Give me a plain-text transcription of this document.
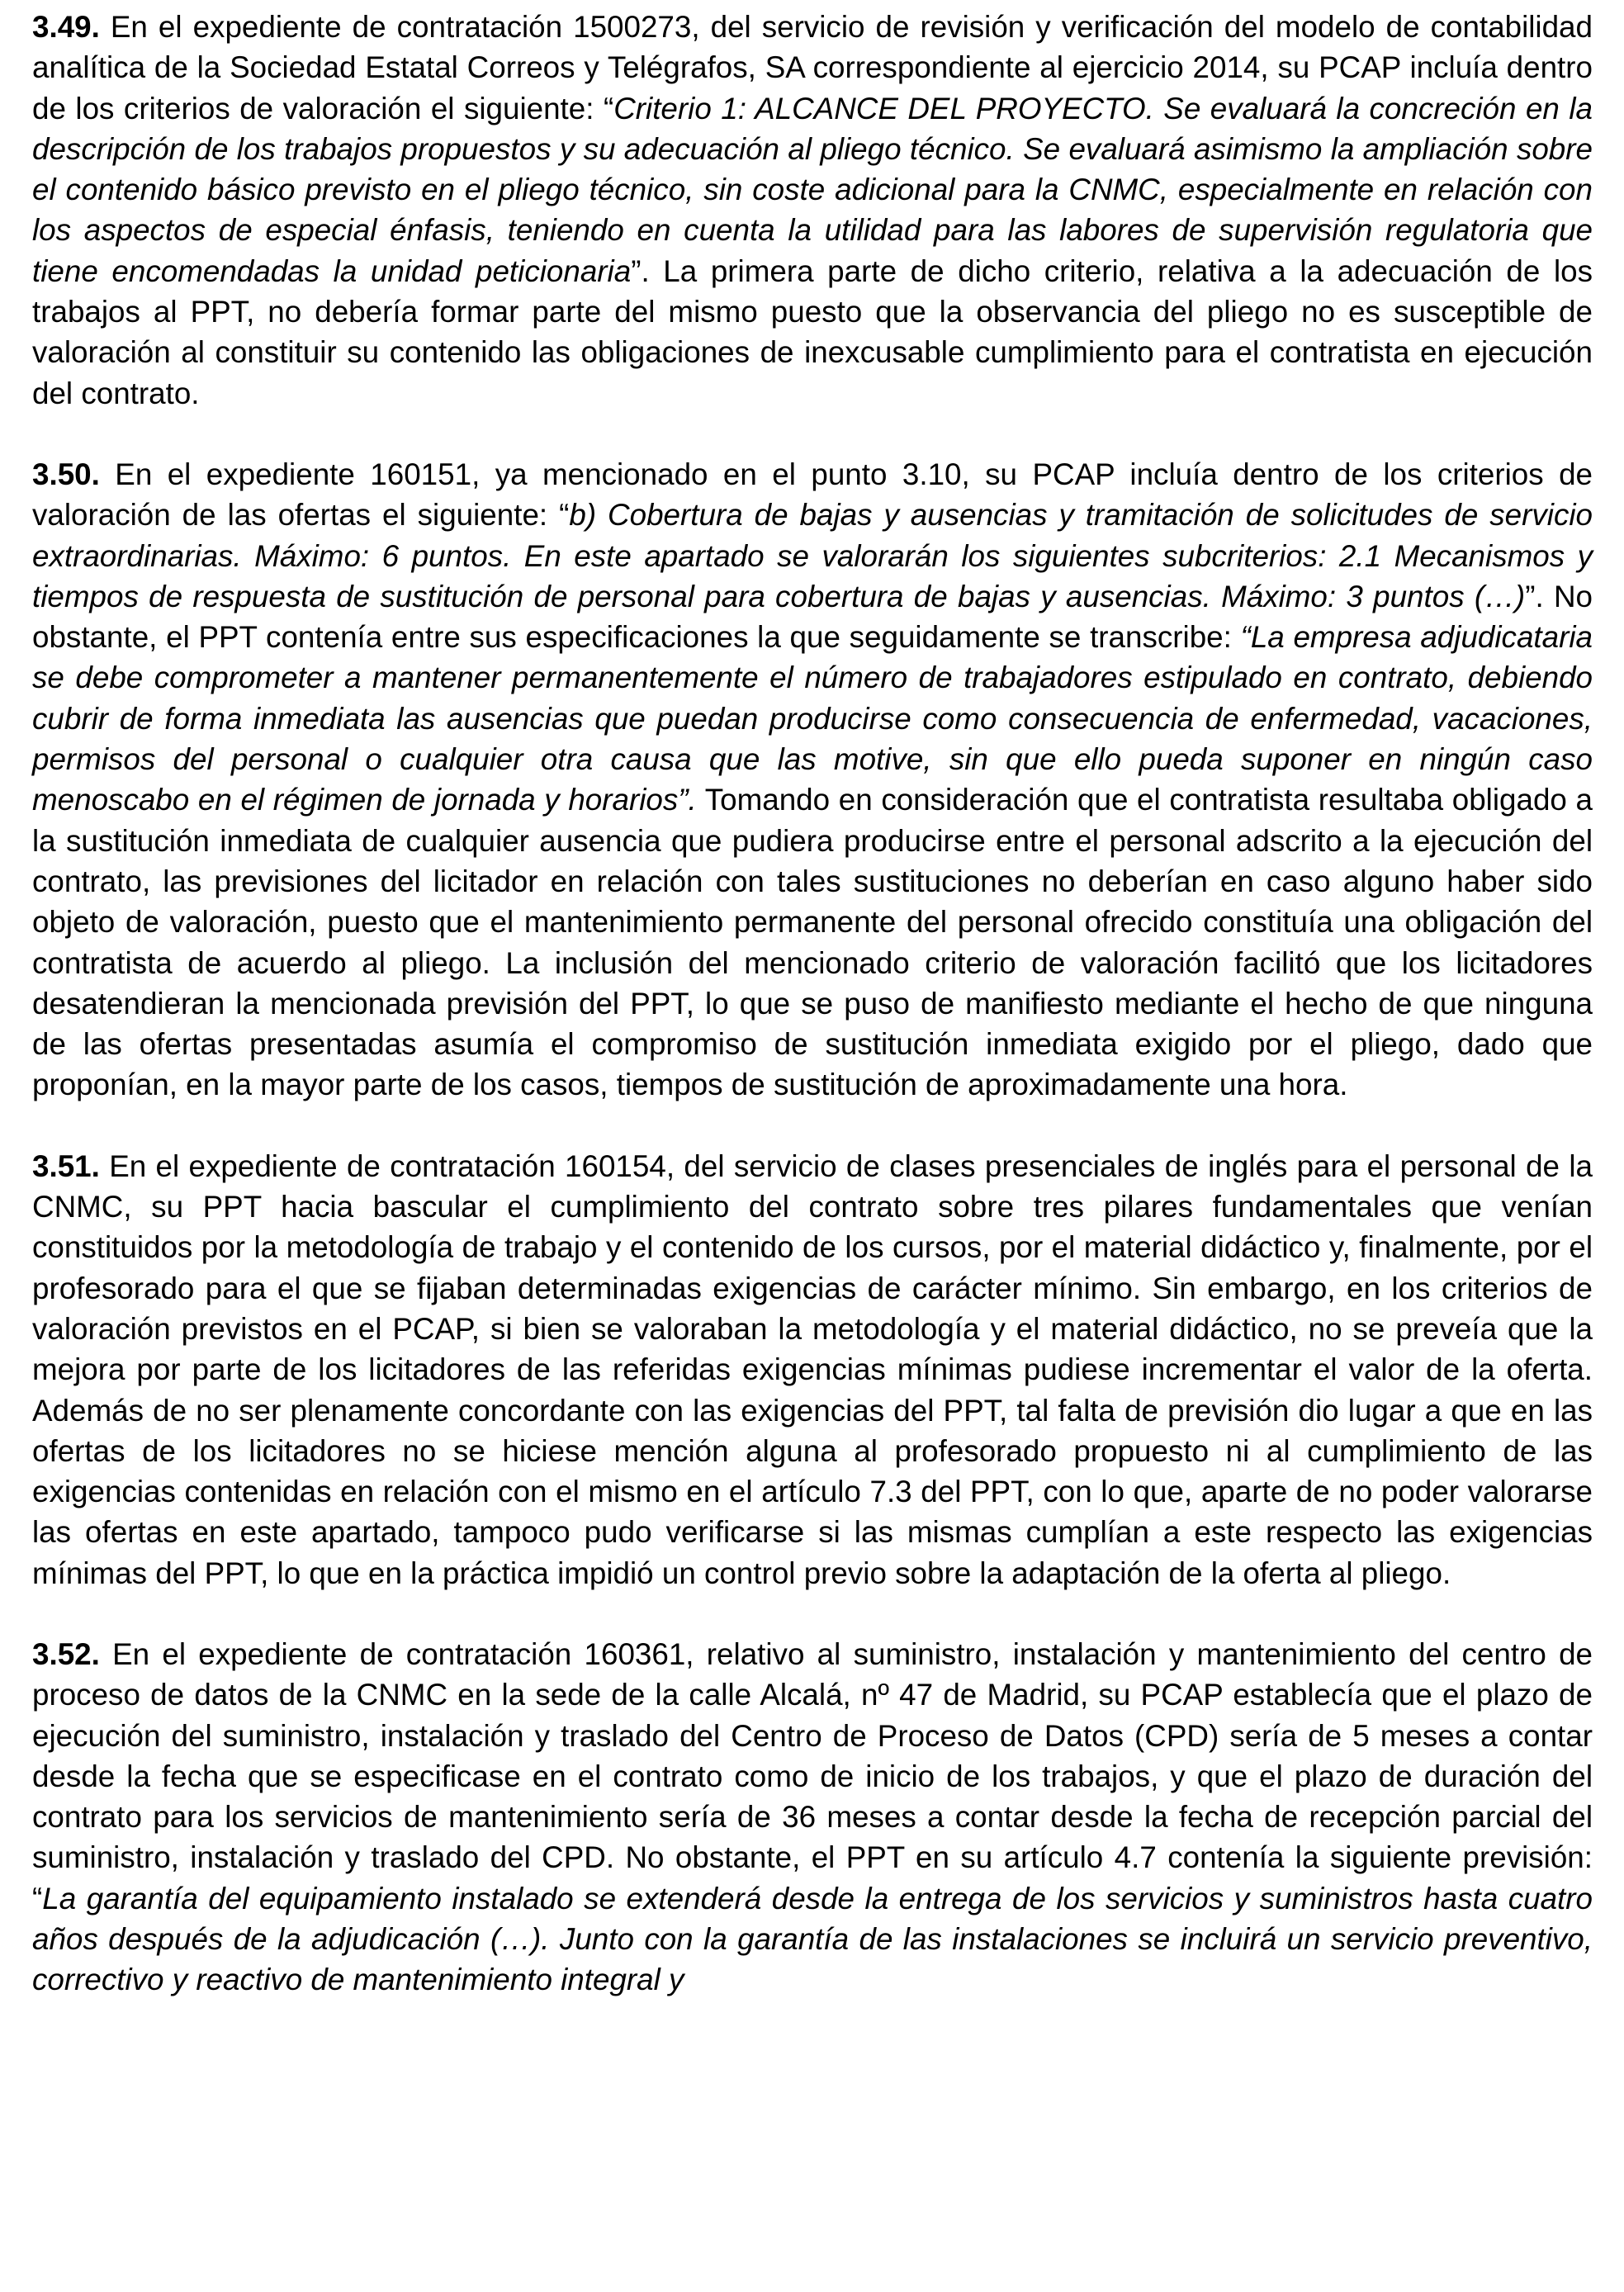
3.49. En el expediente de contratación 1500273, del servicio de revisión y verificación del modelo de contabilidad analítica de la Sociedad Estatal Correos y Telégrafos, SA correspondiente al ejercicio 2014, su PCAP incluía dentro de los criterios de valoración el siguiente: “Criterio 1: ALCANCE DEL PROYECTO. Se evaluará la concreción en la descripción de los trabajos propuestos y su adecuación al pliego técnico. Se evaluará asimismo la ampliación sobre el contenido básico previsto en el pliego técnico, sin coste adicional para la CNMC, especialmente en relación con los aspectos de especial énfasis, teniendo en cuenta la utilidad para las labores de supervisión regulatoria que tiene encomendadas la unidad peticionaria”. La primera parte de dicho criterio, relativa a la adecuación de los trabajos al PPT, no debería formar parte del mismo puesto que la observancia del pliego no es susceptible de valoración al constituir su contenido las obligaciones de inexcusable cumplimiento para el contratista en ejecución del contrato.

3.50. En el expediente 160151, ya mencionado en el punto 3.10, su PCAP incluía dentro de los criterios de valoración de las ofertas el siguiente: “b) Cobertura de bajas y ausencias y tramitación de solicitudes de servicio extraordinarias. Máximo: 6 puntos. En este apartado se valorarán los siguientes subcriterios: 2.1 Mecanismos y tiempos de respuesta de sustitución de personal para cobertura de bajas y ausencias. Máximo: 3 puntos (…)”. No obstante, el PPT contenía entre sus especificaciones la que seguidamente se transcribe: “La empresa adjudicataria se debe comprometer a mantener permanentemente el número de trabajadores estipulado en contrato, debiendo cubrir de forma inmediata las ausencias que puedan producirse como consecuencia de enfermedad, vacaciones, permisos del personal o cualquier otra causa que las motive, sin que ello pueda suponer en ningún caso menoscabo en el régimen de jornada y horarios”. Tomando en consideración que el contratista resultaba obligado a la sustitución inmediata de cualquier ausencia que pudiera producirse entre el personal adscrito a la ejecución del contrato, las previsiones del licitador en relación con tales sustituciones no deberían en caso alguno haber sido objeto de valoración, puesto que el mantenimiento permanente del personal ofrecido constituía una obligación del contratista de acuerdo al pliego. La inclusión del mencionado criterio de valoración facilitó que los licitadores desatendieran la mencionada previsión del PPT, lo que se puso de manifiesto mediante el hecho de que ninguna de las ofertas presentadas asumía el compromiso de sustitución inmediata exigido por el pliego, dado que proponían, en la mayor parte de los casos, tiempos de sustitución de aproximadamente una hora.

3.51. En el expediente de contratación 160154, del servicio de clases presenciales de inglés para el personal de la CNMC, su PPT hacia bascular el cumplimiento del contrato sobre tres pilares fundamentales que venían constituidos por la metodología de trabajo y el contenido de los cursos, por el material didáctico y, finalmente, por el profesorado para el que se fijaban determinadas exigencias de carácter mínimo. Sin embargo, en los criterios de valoración previstos en el PCAP, si bien se valoraban la metodología y el material didáctico, no se preveía que la mejora por parte de los licitadores de las referidas exigencias mínimas pudiese incrementar el valor de la oferta. Además de no ser plenamente concordante con las exigencias del PPT, tal falta de previsión dio lugar a que en las ofertas de los licitadores no se hiciese mención alguna al profesorado propuesto ni al cumplimiento de las exigencias contenidas en relación con el mismo en el artículo 7.3 del PPT, con lo que, aparte de no poder valorarse las ofertas en este apartado, tampoco pudo verificarse si las mismas cumplían a este respecto las exigencias mínimas del PPT, lo que en la práctica impidió un control previo sobre la adaptación de la oferta al pliego.

3.52. En el expediente de contratación 160361, relativo al suministro, instalación y mantenimiento del centro de proceso de datos de la CNMC en la sede de la calle Alcalá, nº 47 de Madrid, su PCAP establecía que el plazo de ejecución del suministro, instalación y traslado del Centro de Proceso de Datos (CPD) sería de 5 meses a contar desde la fecha que se especificase en el contrato como de inicio de los trabajos, y que el plazo de duración del contrato para los servicios de mantenimiento sería de 36 meses a contar desde la fecha de recepción parcial del suministro, instalación y traslado del CPD. No obstante, el PPT en su artículo 4.7 contenía la siguiente previsión: “La garantía del equipamiento instalado se extenderá desde la entrega de los servicios y suministros hasta cuatro años después de la adjudicación (…). Junto con la garantía de las instalaciones se incluirá un servicio preventivo, correctivo y reactivo de mantenimiento integral y
